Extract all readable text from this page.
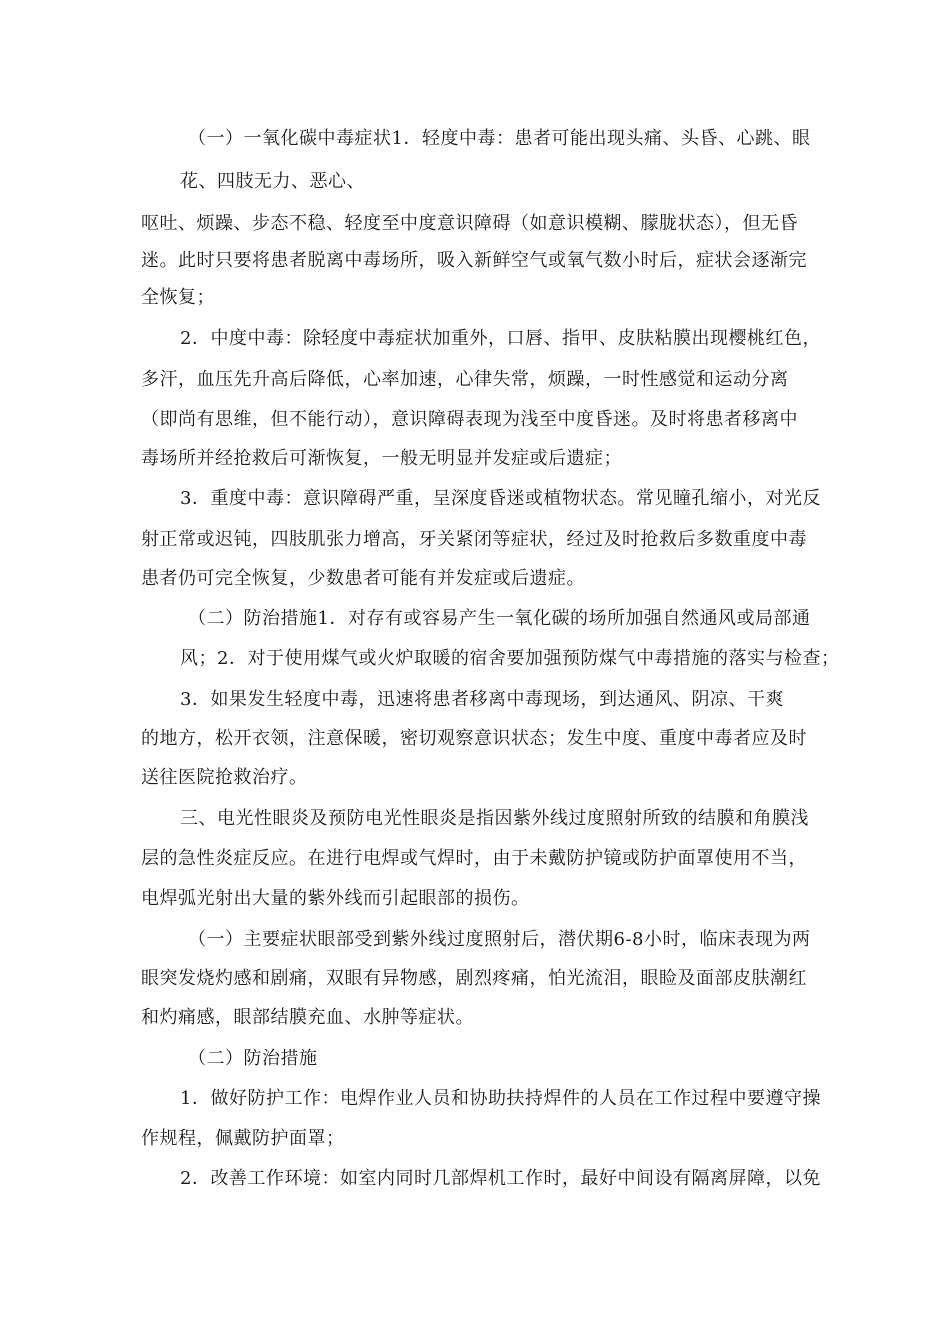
（一）一氧化碳中毒症状1．轻度中毒：患者可能出现头痛、头昏、心跳、眼
花、四肢无力、恶心、
呕吐、烦躁、步态不稳、轻度至中度意识障碍（如意识模糊、朦胧状态），但无昏
迷。此时只要将患者脱离中毒场所，吸入新鲜空气或氧气数小时后，症状会逐渐完
全恢复；
2．中度中毒：除轻度中毒症状加重外，口唇、指甲、皮肤粘膜出现樱桃红色，
多汗，血压先升高后降低，心率加速，心律失常，烦躁，一时性感觉和运动分离
（即尚有思维，但不能行动），意识障碍表现为浅至中度昏迷。及时将患者移离中
毒场所并经抢救后可渐恢复，一般无明显并发症或后遗症；
3．重度中毒：意识障碍严重，呈深度昏迷或植物状态。常见瞳孔缩小，对光反
射正常或迟钝，四肢肌张力增高，牙关紧闭等症状，经过及时抢救后多数重度中毒
患者仍可完全恢复，少数患者可能有并发症或后遗症。
（二）防治措施1．对存有或容易产生一氧化碳的场所加强自然通风或局部通
风；2．对于使用煤气或火炉取暖的宿舍要加强预防煤气中毒措施的落实与检查；
3．如果发生轻度中毒，迅速将患者移离中毒现场，到达通风、阴凉、干爽
的地方，松开衣领，注意保暖，密切观察意识状态；发生中度、重度中毒者应及时
送往医院抢救治疗。
三、电光性眼炎及预防电光性眼炎是指因紫外线过度照射所致的结膜和角膜浅
层的急性炎症反应。在进行电焊或气焊时，由于未戴防护镜或防护面罩使用不当，
电焊弧光射出大量的紫外线而引起眼部的损伤。
（一）主要症状眼部受到紫外线过度照射后，潜伏期6-8小时，临床表现为两
眼突发烧灼感和剧痛，双眼有异物感，剧烈疼痛，怕光流泪，眼睑及面部皮肤潮红
和灼痛感，眼部结膜充血、水肿等症状。
（二）防治措施
1．做好防护工作：电焊作业人员和协助扶持焊件的人员在工作过程中要遵守操
作规程，佩戴防护面罩；
2．改善工作环境：如室内同时几部焊机工作时，最好中间设有隔离屏障，以免
